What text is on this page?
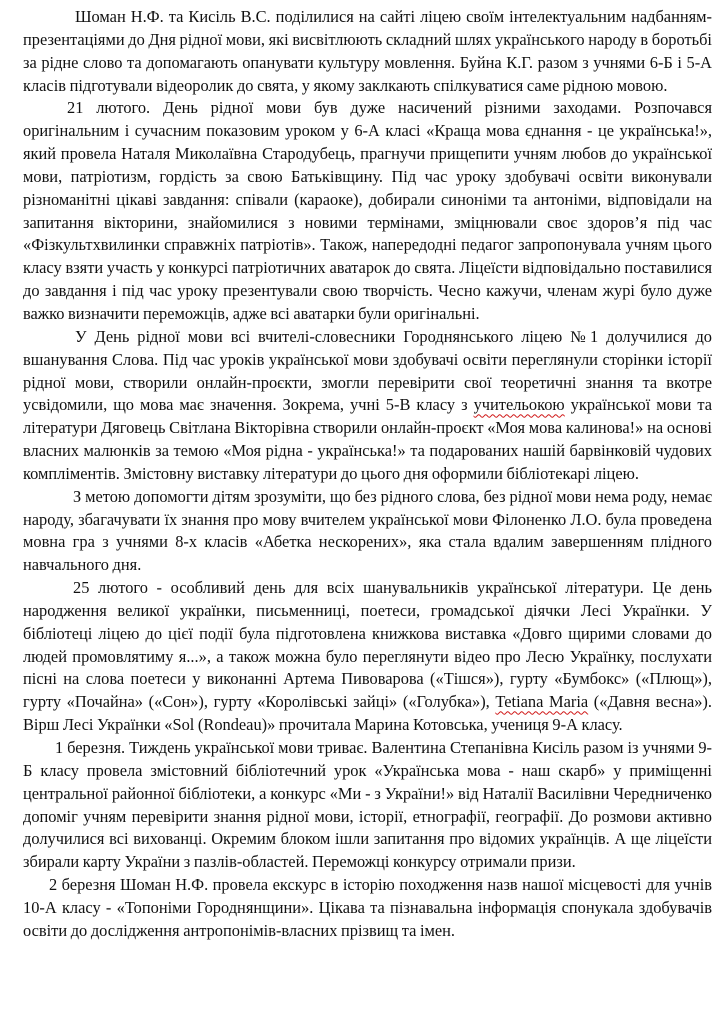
Шоман Н.Ф. та Кисіль В.С. поділилися на сайті ліцею своїм інтелектуальним надбанням-презентаціями до Дня рідної мови, які висвітлюють складний шлях українського народу в боротьбі за рідне слово та допомагають опанувати культуру мовлення. Буйна К.Г. разом з учнями 6-Б і 5-А класів підготували відеоролик до свята, у якому заклкають спілкуватися саме рідною мовою.

21 лютого. День рідної мови був дуже насичений різними заходами. Розпочався оригінальним і сучасним показовим уроком у 6-А класі «Краща мова єднання - це українська!», який провела Наталя Миколаївна Стародубець, прагнучи прищепити учням любов до української мови, патріотизм, гордість за свою Батьківщину. Під час уроку здобувачі освіти виконували різноманітні цікаві завдання: співали (караоке), добирали синоніми та антоніми, відповідали на запитання вікторини, знайомилися з новими термінами, зміцнювали своє здоров’я під час «Фізкультхвилинки справжніх патріотів». Також, напередодні педагог запропонувала учням цього класу взяти участь у конкурсі патріотичних аватарок до свята. Ліцеїсти відповідально поставилися до завдання і під час уроку презентували свою творчість. Чесно кажучи, членам журі було дуже важко визначити переможців, адже всі аватарки були оригінальні.

У День рідної мови всі вчителі-словесники Городнянського ліцею №1 долучилися до вшанування Слова. Під час уроків української мови здобувачі освіти переглянули сторінки історії рідної мови, створили онлайн-проєкти, змогли перевірити свої теоретичні знання та вкотре усвідомили, що мова має значення. Зокрема, учні 5-В класу з учительокою української мови та літератури Дяговець Світлана Вікторівна створили онлайн-проєкт «Моя мова калинова!» на основі власних малюнків за темою «Моя рідна - українська!» та подарованих нашій барвінковій чудових компліментів. Змістовну виставку літератури до цього дня оформили бібліотекарі ліцею.

З метою допомогти дітям зрозуміти, що без рідного слова, без рідної мови нема роду, немає народу, збагачувати їх знання про мову вчителем української мови Філоненко Л.О. була проведена мовна гра з учнями 8-х класів «Абетка нескорених», яка стала вдалим завершенням плідного навчального дня.

25 лютого - особливий день для всіх шанувальників української літератури. Це день народження великої українки, письменниці, поетеси, громадської діячки Лесі Українки. У бібліотеці ліцею до цієї події була підготовлена книжкова виставка «Довго щирими словами до людей промовлятиму я...», а також можна було переглянути відео про Лесю Українку, послухати пісні на слова поетеси у виконанні Артема Пивоварова («Тішся»), гурту «Бумбокс» («Плющ»), гурту «Почайна» («Сон»), гурту «Королівські зайці» («Голубка»), Tetiana Maria («Давня весна»). Вірш Лесі Українки «Sol (Rondeau)» прочитала Марина Котовська, учениця 9-А класу.

1 березня. Тиждень української мови триває. Валентина Степанівна Кисіль разом із учнями 9-Б класу провела змістовний бібліотечний урок «Українська мова - наш скарб» у приміщенні центральної районної бібліотеки, а конкурс «Ми - з України!» від Наталії Василівни Чередниченко допоміг учням перевірити знання рідної мови, історії, етнографії, географії. До розмови активно долучилися всі вихованці. Окремим блоком ішли запитання про відомих українців. А ще ліцеїсти збирали карту України з пазлів-областей. Переможці конкурсу отримали призи.

2 березня Шоман Н.Ф. провела екскурс в історію походження назв нашої місцевості для учнів 10-А класу - «Топоніми Городнянщини». Цікава та пізнавальна інформація спонукала здобувачів освіти до дослідження антропонімів-власних прізвищ та імен.
